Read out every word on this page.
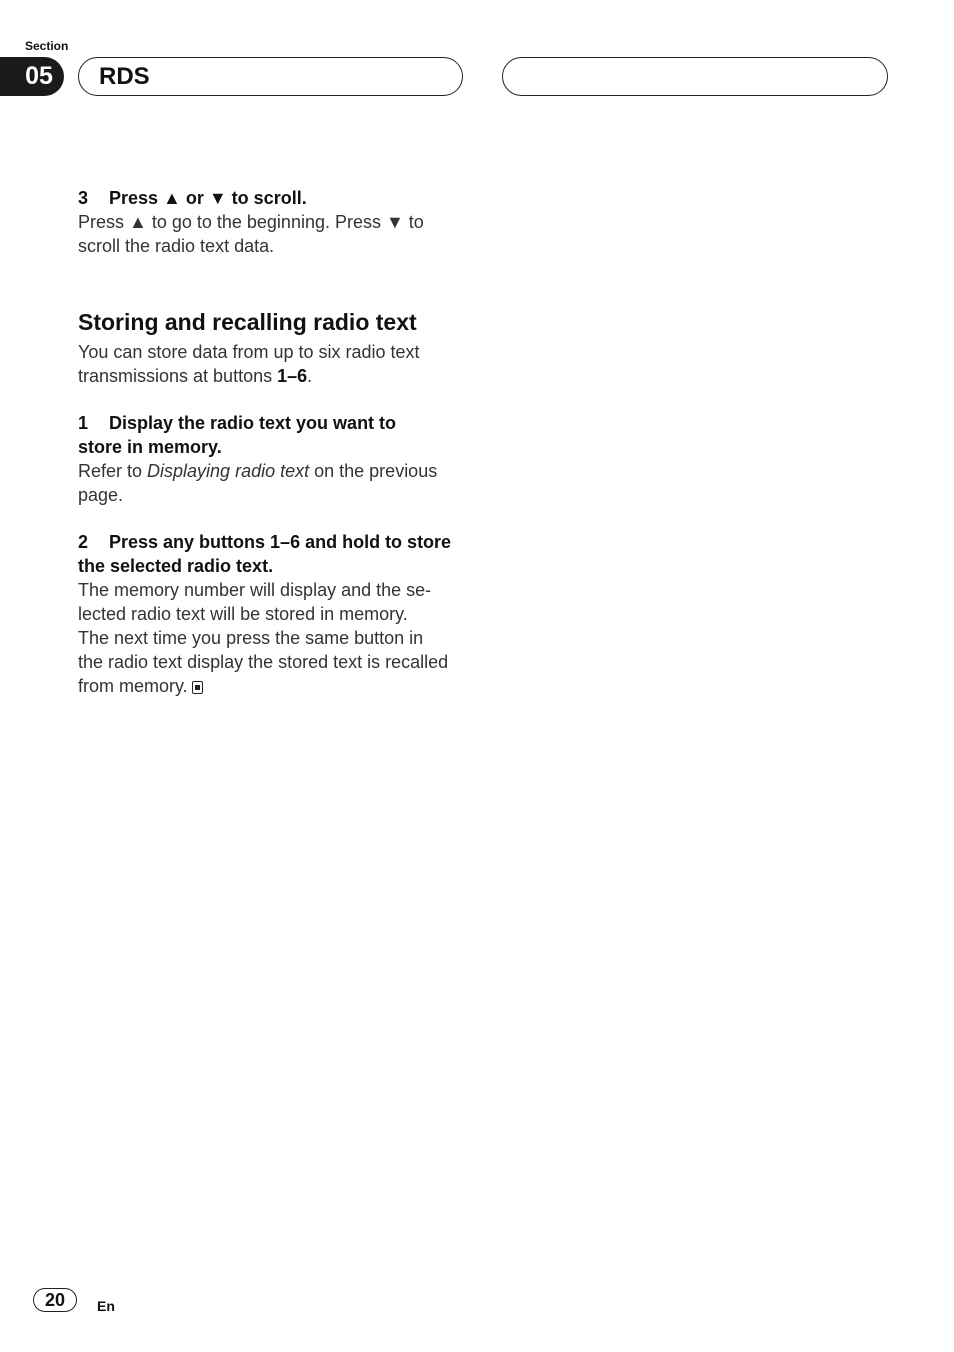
Section
05	RDS

3 Press ▲ or ▼ to scroll.

Press ▲ to go to the beginning. Press ▼ to
scroll the radio text data.

Storing and recalling radio text

You can store data from up to six radio text
transmissions at buttons 1–6.

1 Display the radio text you want to
store in memory.

Refer to Displaying radio text on the previous
page.

2 Press any buttons 1–6 and hold to store
the selected radio text.

The memory number will display and the se-
lected radio text will be stored in memory.
The next time you press the same button in
the radio text display the stored text is recalled
from memory.

20	En
